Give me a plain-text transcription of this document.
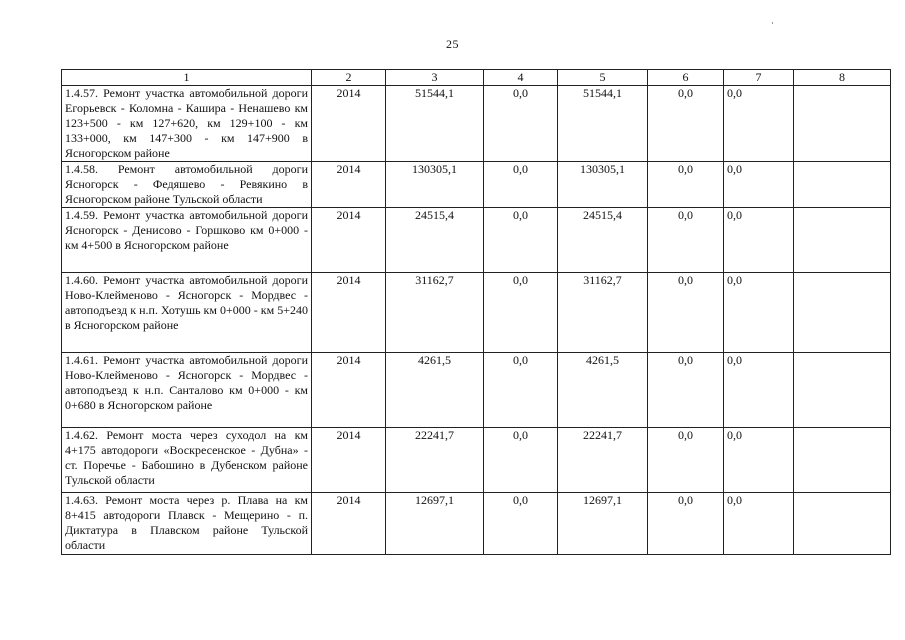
25
1	2	3	4	5	6	7	8
1.4.57. Ремонт участка автомобильной дороги Егорьевск - Коломна - Кашира - Ненашево км 123+500 - км 127+620, км 129+100 - км 133+000, км 147+300 - км 147+900 в Ясногорском районе	2014	51544,1	0,0	51544,1	0,0	0,0	
1.4.58. Ремонт автомобильной дороги Ясногорск - Федяшево - Ревякино в Ясногорском районе Тульской области	2014	130305,1	0,0	130305,1	0,0	0,0	
1.4.59. Ремонт участка автомобильной дороги Ясногорск - Денисово - Горшково км 0+000 - км 4+500 в Ясногорском районе	2014	24515,4	0,0	24515,4	0,0	0,0	
1.4.60. Ремонт участка автомобильной дороги Ново-Клейменово - Ясногорск - Мордвес - автоподъезд к н.п. Хотушь км 0+000 - км 5+240 в Ясногорском районе	2014	31162,7	0,0	31162,7	0,0	0,0	
1.4.61. Ремонт участка автомобильной дороги Ново-Клейменово - Ясногорск - Мордвес - автоподъезд к н.п. Санталово км 0+000 - км 0+680 в Ясногорском районе	2014	4261,5	0,0	4261,5	0,0	0,0	
1.4.62. Ремонт моста через суходол на км 4+175 автодороги «Воскресенское - Дубна» - ст. Поречье - Бабошино в Дубенском районе Тульской области	2014	22241,7	0,0	22241,7	0,0	0,0	
1.4.63. Ремонт моста через р. Плава на км 8+415 автодороги Плавск - Мещерино - п. Диктатура в Плавском районе Тульской области	2014	12697,1	0,0	12697,1	0,0	0,0	
